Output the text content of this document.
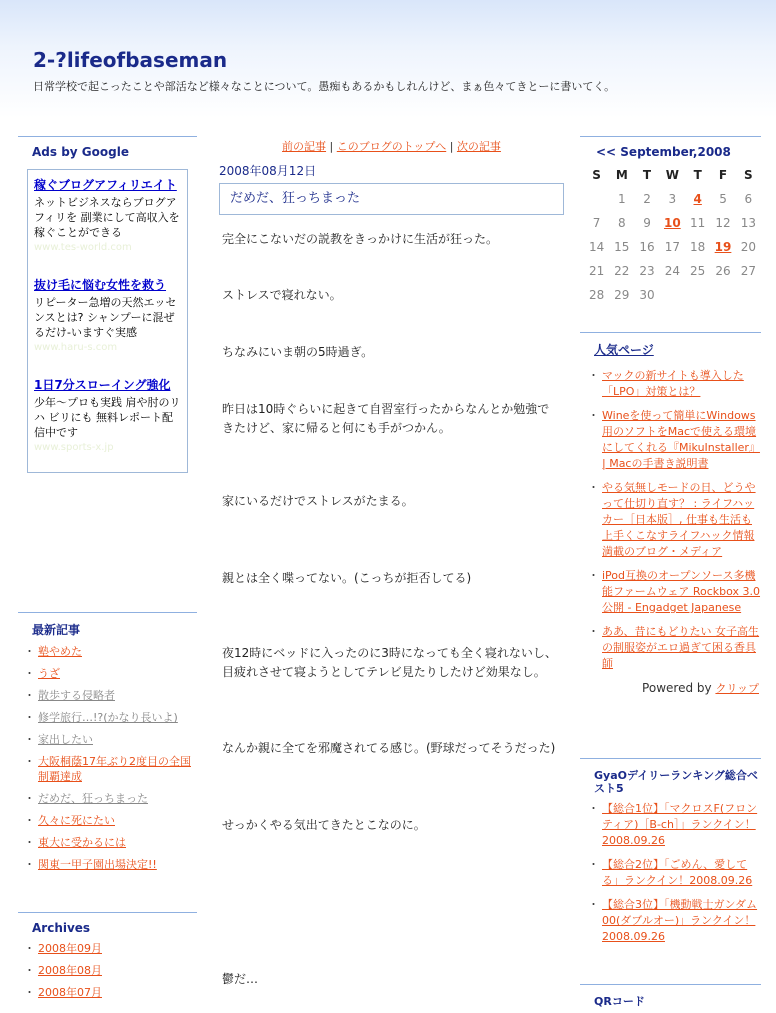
2-?lifeofbaseman
日常学校で起こったことや部活など様々なことについて。愚痴もあるかもしれんけど、まぁ色々てきとーに書いてく。
Ads by Google
稼ぐブログアフィリエイト
ネットビジネスならブログアフィリを 副業にして高収入を稼ぐことができる
www.tes-world.com
抜け毛に悩む女性を救う
リピーター急増の天然エッセンスとは? シャンプーに混ぜるだけ-いますぐ実感
www.haru-s.com
1日7分スローイング強化
少年〜プロも実践 肩や肘のリハ ビリにも 無料レポート配信中です
www.sports-x.jp
最新記事
・ 塾やめた
・ うざ
・ 散歩する侵略者
・ 修学旅行…!?(かなり長いよ)
・ 家出したい
・ 大阪桐蔭17年ぶり2度目の全国制覇達成
・ だめだ、狂っちまった
・ 久々に死にたい
・ 東大に受かるには
・ 関東一甲子園出場決定!!
Archives
・ 2008年09月
・ 2008年08月
・ 2008年07月
前の記事 | このブログのトップへ | 次の記事
2008年08月12日
だめだ、狂っちまった
完全にこないだの説教をきっかけに生活が狂った。
ストレスで寝れない。
ちなみにいま朝の5時過ぎ。
昨日は10時ぐらいに起きて自習室行ったからなんとか勉強できたけど、家に帰ると何にも手がつかん。
家にいるだけでストレスがたまる。
親とは全く喋ってない。(こっちが拒否してる)
夜12時にベッドに入ったのに3時になっても全く寝れないし、目疲れさせて寝ようとしてテレビ見たりしたけど効果なし。
なんか親に全てを邪魔されてる感じ。(野球だってそうだった)
せっかくやる気出てきたとこなのに。
鬱だ…
<< September,2008
S	M	T	W	T	F	S
	1	2	3	4	5	6
7	8	9	10	11	12	13
14	15	16	17	18	19	20
21	22	23	24	25	26	27
28	29	30				
人気ページ
・ マックの新サイトも導入した「LPO」対策とは？
・ Wineを使って簡単にWindows用のソフトをMacで使える環境にしてくれる『MikuInstaller』 | Macの手書き説明書
・ やる気無しモードの日、どうやって仕切り直す？ : ライフハッカー［日本版］, 仕事も生活も上手くこなすライフハック情報満載のブログ・メディア
・ iPod互換のオープンソース多機能ファームウェア Rockbox 3.0公開 - Engadget Japanese
・ ああ、昔にもどりたい 女子高生の制服姿がエロ過ぎて困る香具師
Powered by クリップ
GyaOデイリーランキング総合ベスト5
・ 【総合1位】「マクロスF(フロンティア)［B-ch］」ランクイン！2008.09.26
・ 【総合2位】「ごめん、愛してる」ランクイン！2008.09.26
・ 【総合3位】「機動戦士ガンダム00(ダブルオー)」ランクイン！2008.09.26
QRコード
